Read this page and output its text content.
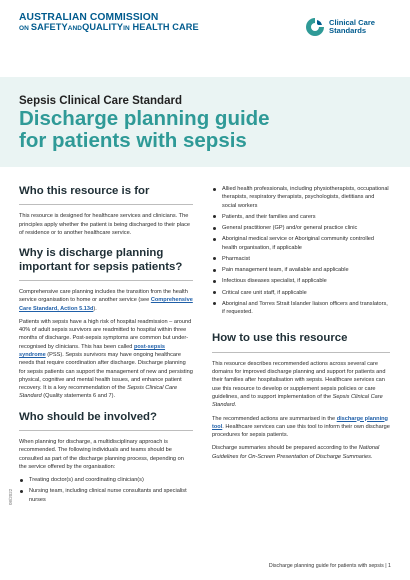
AUSTRALIAN COMMISSION
ON SAFETYANDQUALITYIN HEALTH CARE	Clinical Care
Standards
Sepsis Clinical Care Standard
Discharge planning guide
for patients with sepsis
Who this resource is for

This resource is designed for healthcare services and clinicians. The principles apply whether the patient is being discharged to their place of residence or to another healthcare service.

Why is discharge planning
important for sepsis patients?

Comprehensive care planning includes the transition from the health service organisation to home or another service (see Comprehensive Care Standard, Action 5.13d).

Patients with sepsis have a high risk of hospital readmission – around 40% of adult sepsis survivors are readmitted to hospital within three months of discharge. Post-sepsis symptoms are common but under-recognised by clinicians. This has been called post-sepsis syndrome (PSS). Sepsis survivors may have ongoing healthcare needs that require coordination after discharge. Discharge planning for sepsis patients can support the management of new and persisting physical, cognitive and mental health issues, and enhance patient recovery. It is a key recommendation of the Sepsis Clinical Care Standard (Quality statements 6 and 7).

Who should be involved?

When planning for discharge, a multidisciplinary approach is recommended. The following individuals and teams should be consulted as part of the discharge planning process, depending on the service offered by the organisation:

Treating doctor(s) and coordinating clinician(s)
Nursing team, including clinical nurse consultants and specialist nurses
Allied health professionals, including physiotherapists, occupational therapists, respiratory therapists, psychologists, dietitians and social workers
Patients, and their families and carers
General practitioner (GP) and/or general practice clinic
Aboriginal medical service or Aboriginal community controlled health organisation, if applicable
Pharmacist
Pain management team, if available and applicable
Infectious diseases specialist, if applicable
Critical care unit staff, if applicable
Aboriginal and Torres Strait Islander liaison officers and translators, if requested.
How to use this resource

This resource describes recommended actions across several care domains for improved discharge planning and support for patients and their families after hospitalisation with sepsis. Healthcare services can use this resource to develop or supplement sepsis policies or care guidelines, and to support implementation of the Sepsis Clinical Care Standard.

The recommended actions are summarised in the discharge planning tool. Healthcare services can use this tool to inform their own discharge procedures for sepsis patients.

Discharge summaries should be prepared according to the National Guidelines for On-Screen Presentation of Discharge Summaries.

08/2022
Discharge planning guide for patients with sepsis | 1
